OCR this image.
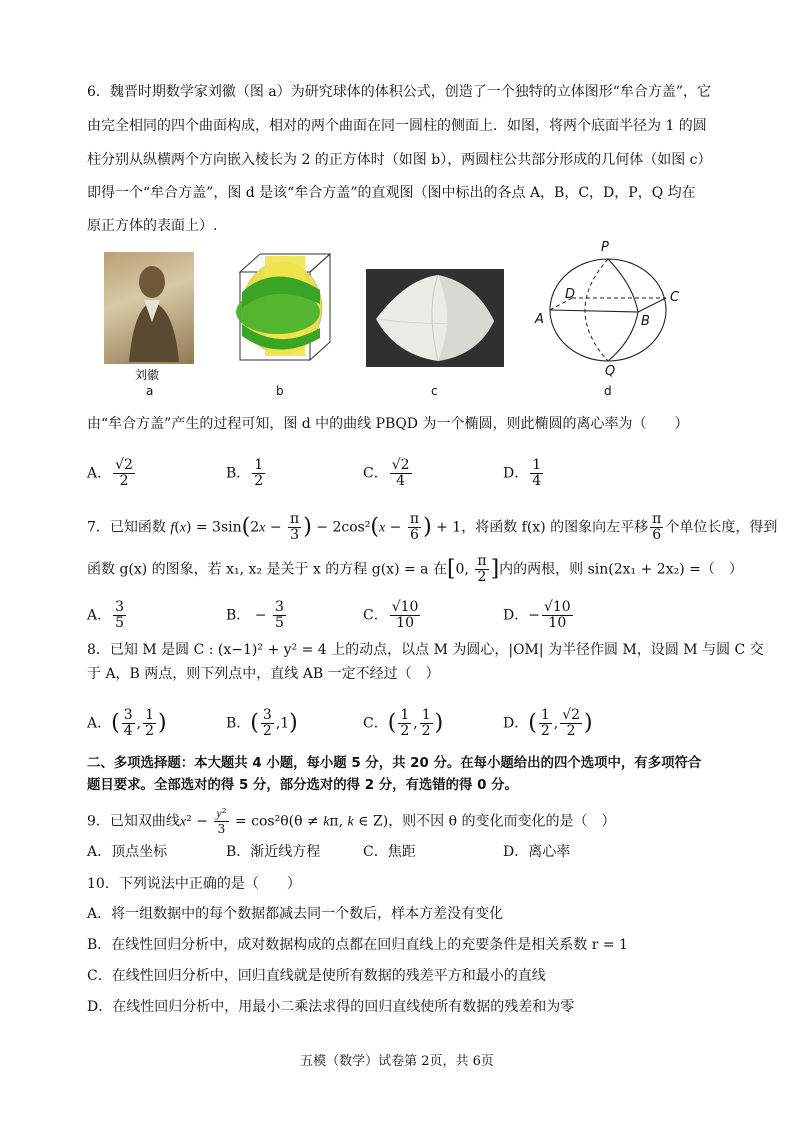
6．魏晋时期数学家刘徽（图 a）为研究球体的体积公式，创造了一个独特的立体图形“牟合方盖”，它
由完全相同的四个曲面构成，相对的两个曲面在同一圆柱的侧面上．如图，将两个底面半径为 1 的圆
柱分别从纵横两个方向嵌入棱长为 2 的正方体时（如图 b），两圆柱公共部分形成的几何体（如图 c）
即得一个“牟合方盖”，图 d 是该“牟合方盖”的直观图（图中标出的各点 A，B，C，D，P，Q 均在
原正方体的表面上）.
刘徽
a	b	c
P
D	C
A	B
Q
d
由“牟合方盖”产生的过程可知，图 d 中的曲线 PBQD 为一个椭圆，则此椭圆的离心率为（　　）
A． $\frac{√2}{2}$	B． $\frac{1}{2}$	C． $\frac{√2}{4}$	D． $\frac{1}{4}$
7．已知函数 $f(x) = 3\sin(2x - \frac{\pi}{3}$ ) − $2\cos^2(x - \frac{\pi}{6}$ ) + 1，将函数 f(x) 的图象向左平移 $\frac{\pi}{6}$ 个单位长度，得到
函数 g(x) 的图象，若 x₁, x₂ 是关于 x 的方程 g(x) = a 在[0, $\frac{\pi}{2}$ ]内的两根，则 sin(2x₁ + 2x₂) =（　）
A． $\frac{3}{5}$	B． − $\frac{3}{5}$	C． $\frac{√10}{10}$	D．− $\frac{√10}{10}$
8．已知 M 是圆 C : (x−1)² + y² = 4 上的动点，以点 M 为圆心，|OM| 为半径作圆 M，设圆 M 与圆 C 交
于 A，B 两点，则下列点中，直线 AB 一定不经过（　）
A．( $\frac{3}{4}$ , $\frac{1}{2}$ )	B．( $\frac{3}{2} ,1$)	C．( $\frac{1}{2}$ , $\frac{1}{2}$ )	D．( $\frac{1}{2}$ , $\frac{√2}{2}$ )
二、多项选择题：本大题共 4 小题，每小题 5 分，共 20 分。在每小题给出的四个选项中，有多项符合
题目要求。全部选对的得 5 分，部分选对的得 2 分，有选错的得 0 分。
9．已知双曲线$x^2 - \frac{\text{y²}}{3} = \cos^2\theta(\theta \ne k\pi$, k ∈ Z)，则不因 θ 的变化而变化的是（　）
A．顶点坐标	B．渐近线方程	C．焦距	D．离心率
10．下列说法中正确的是（　　）
A．将一组数据中的每个数据都减去同一个数后，样本方差没有变化
B．在线性回归分析中，成对数据构成的点都在回归直线上的充要条件是相关系数 r = 1
C．在线性回归分析中，回归直线就是使所有数据的残差平方和最小的直线
D．在线性回归分析中，用最小二乘法求得的回归直线使所有数据的残差和为零
五模（数学）试卷第 2页，共 6页
